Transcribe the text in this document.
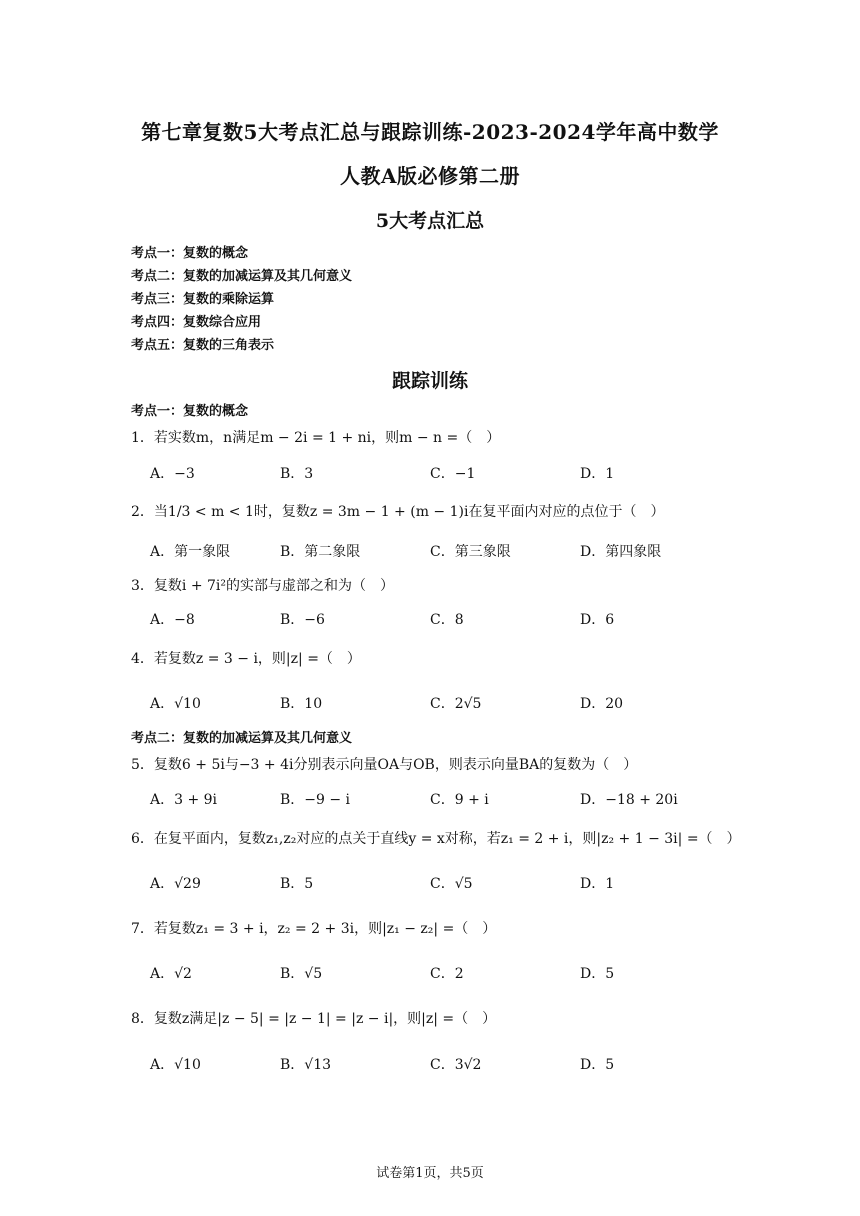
第七章复数5大考点汇总与跟踪训练-2023-2024学年高中数学
人教A版必修第二册
5大考点汇总
考点一：复数的概念
考点二：复数的加减运算及其几何意义
考点三：复数的乘除运算
考点四：复数综合应用
考点五：复数的三角表示
跟踪训练
考点一：复数的概念
1．若实数m，n满足m − 2i = 1 + ni，则m − n =（　）
A．−3	B．3	C．−1	D．1
2．当1/3 < m < 1时，复数z = 3m − 1 + (m − 1)i在复平面内对应的点位于（　）
A．第一象限	B．第二象限	C．第三象限	D．第四象限
3．复数i + 7i²的实部与虚部之和为（　）
A．−8	B．−6	C．8	D．6
4．若复数z = 3 − i，则|z| =（　）
A．√10	B．10	C．2√5	D．20
考点二：复数的加减运算及其几何意义
5．复数6 + 5i与−3 + 4i分别表示向量OA与OB，则表示向量BA的复数为（　）
A．3 + 9i	B．−9 − i	C．9 + i	D．−18 + 20i
6．在复平面内，复数z₁,z₂对应的点关于直线y = x对称，若z₁ = 2 + i，则|z₂ + 1 − 3i| =（　）
A．√29	B．5	C．√5	D．1
7．若复数z₁ = 3 + i，z₂ = 2 + 3i，则|z₁ − z₂| =（　）
A．√2	B．√5	C．2	D．5
8．复数z满足|z − 5| = |z − 1| = |z − i|，则|z| =（　）
A．√10	B．√13	C．3√2	D．5
试卷第1页，共5页
